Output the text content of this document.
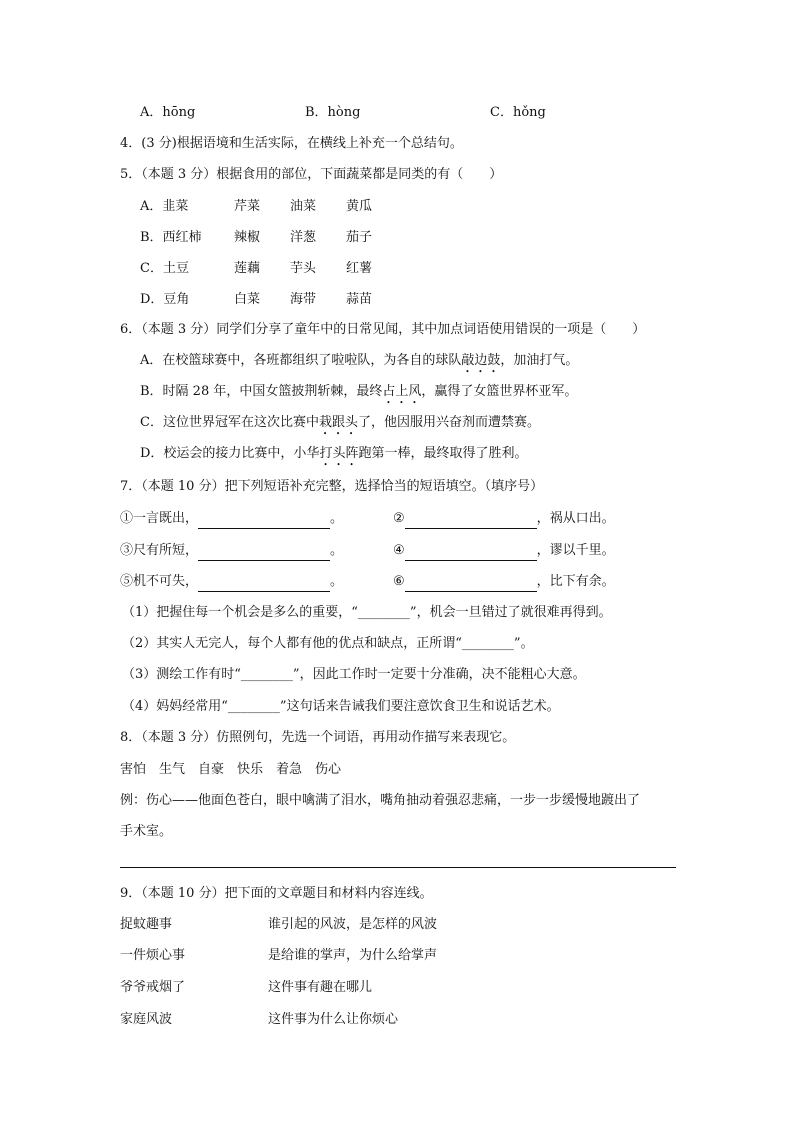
A．hōng	B．hòng	C．hǒng
4．(3 分)根据语境和生活实际，在横线上补充一个总结句。
5．（本题 3 分）根据食用的部位，下面蔬菜都是同类的有（　　）
A．韭菜	芹菜 油菜 黄瓜
B．西红柿 辣椒 洋葱 茄子
C．土豆	莲藕 芋头 红薯
D．豆角	白菜 海带 蒜苗
6．（本题 3 分）同学们分享了童年中的日常见闻，其中加点词语使用错误的一项是（　　）
A．在校篮球赛中，各班都组织了啦啦队，为各自的球队敲边鼓，加油打气。
B．时隔 28 年，中国女篮披荆斩棘，最终占上风，赢得了女篮世界杯亚军。
C．这位世界冠军在这次比赛中栽跟头了，他因服用兴奋剂而遭禁赛。
D．校运会的接力比赛中，小华打头阵跑第一棒，最终取得了胜利。
7．（本题 10 分）把下列短语补充完整，选择恰当的短语填空。（填序号）
①一言既出，	。	②	，祸从口出。
③尺有所短，	。	④	，谬以千里。
⑤机不可失，	。	⑥	，比下有余。
（1）把握住每一个机会是多么的重要，“________”，机会一旦错过了就很难再得到。
（2）其实人无完人，每个人都有他的优点和缺点，正所谓“________”。
（3）测绘工作有时“________”，因此工作时一定要十分准确，决不能粗心大意。
（4）妈妈经常用“________”这句话来告诫我们要注意饮食卫生和说话艺术。
8．（本题 3 分）仿照例句，先选一个词语，再用动作描写来表现它。
害怕　生气　自豪　快乐　着急　伤心
例：伤心——他面色苍白，眼中噙满了泪水，嘴角抽动着强忍悲痛，一步一步缓慢地踱出了
手术室。
9．（本题 10 分）把下面的文章题目和材料内容连线。
捉蚊趣事	谁引起的风波，是怎样的风波
一件烦心事	是给谁的掌声，为什么给掌声
爷爷戒烟了	这件事有趣在哪儿
家庭风波	这件事为什么让你烦心
